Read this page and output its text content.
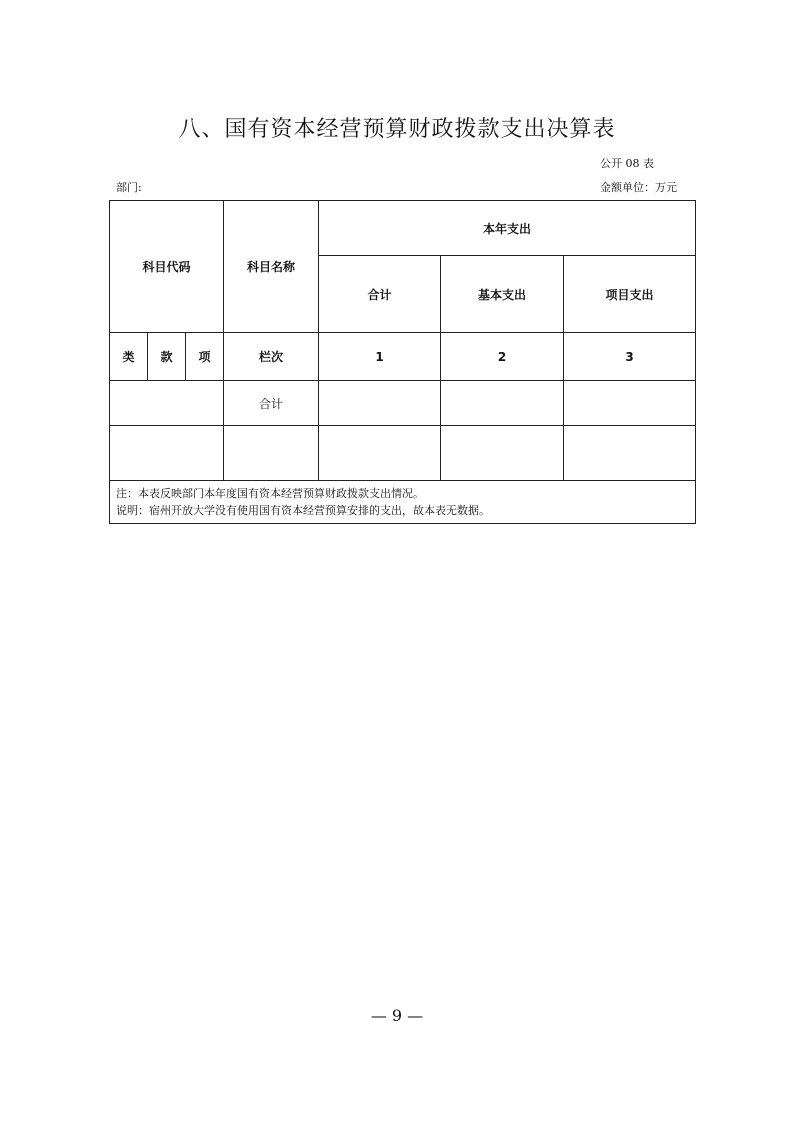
八、国有资本经营预算财政拨款支出决算表
公开 08 表
部门:	金额单位：万元
科目代码			科目名称	本年支出		
				合计	基本支出	项目支出
类	款	项	栏次	1	2	3
			合计			

注：本表反映部门本年度国有资本经营预算财政拨款支出情况。
说明：宿州开放大学没有使用国有资本经营预算安排的支出，故本表无数据。						
— 9 —
